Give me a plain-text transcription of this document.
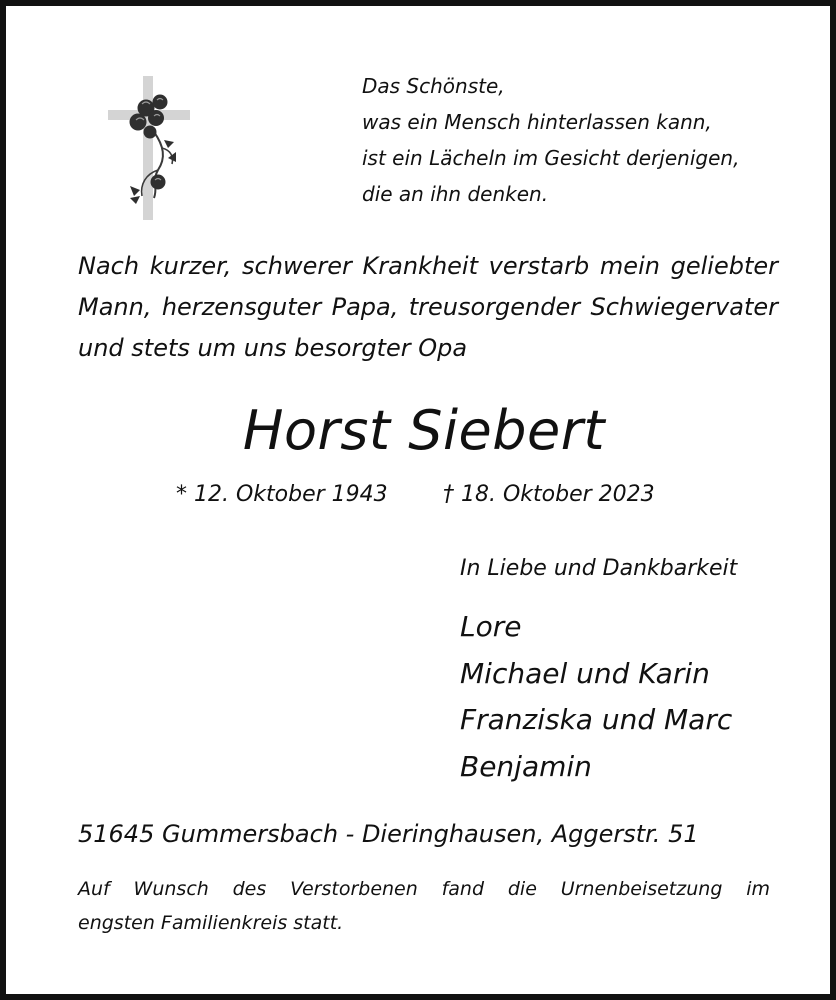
Das Schönste,
was ein Mensch hinterlassen kann,
ist ein Lächeln im Gesicht derjenigen,
die an ihn denken.
Nach kurzer, schwerer Krankheit verstarb mein geliebter
Mann, herzensguter Papa, treusorgender Schwiegervater
und stets um uns besorgter Opa
Horst Siebert
* 12. Oktober 1943	† 18. Oktober 2023
In Liebe und Dankbarkeit
Lore
Michael und Karin
Franziska und Marc
Benjamin
51645 Gummersbach - Dieringhausen, Aggerstr. 51
Auf Wunsch des Verstorbenen fand die Urnenbeisetzung im
engsten Familienkreis statt.
